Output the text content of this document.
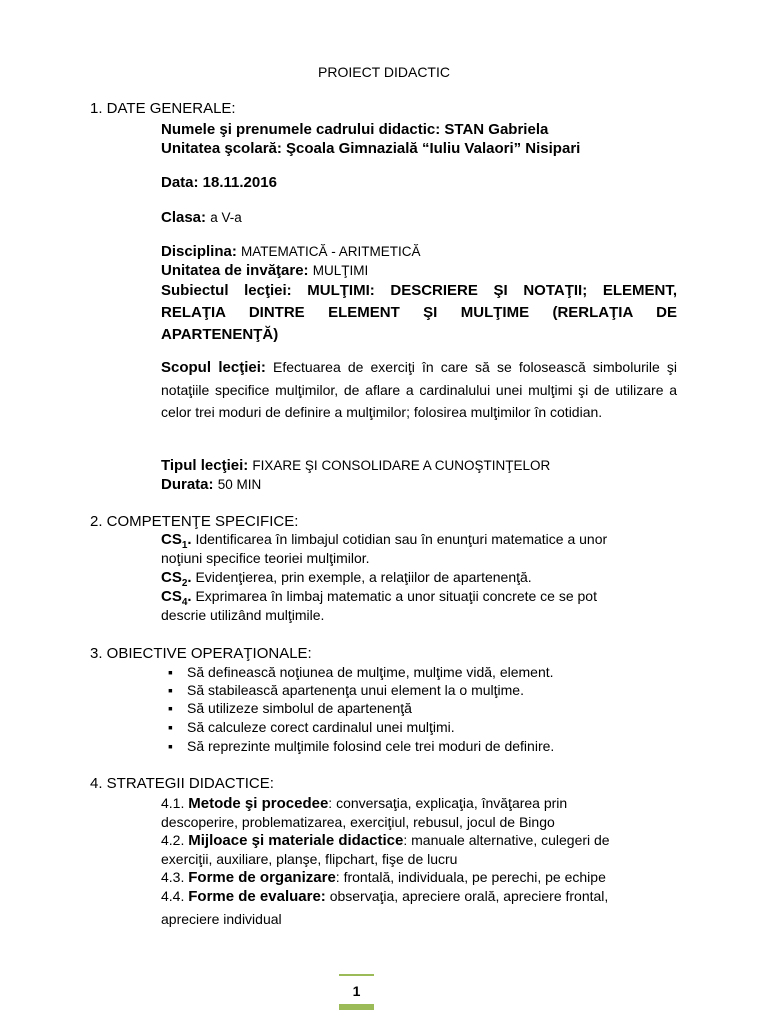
PROIECT DIDACTIC
1. DATE GENERALE:
Numele şi prenumele cadrului didactic: STAN Gabriela
Unitatea şcolară: Şcoala Gimnazială “Iuliu Valaori” Nisipari
Data: 18.11.2016
Clasa: a V-a
Disciplina: MATEMATICĂ - ARITMETICĂ
Unitatea de invăţare: MULŢIMI
Subiectul lecţiei: MULŢIMI: DESCRIERE ŞI NOTAŢII; ELEMENT,
RELAŢIA DINTRE ELEMENT ŞI MULŢIME (RERLAŢIA DE
APARTENENŢĂ)
Scopul lecţiei: Efectuarea de exerciţi în care să se folosească simbolurile şi notaţiile specifice mulţimilor, de aflare a cardinalului unei mulţimi şi de utilizare a celor trei moduri de definire a mulţimilor; folosirea mulţimilor în cotidian.
Tipul lecţiei: FIXARE ŞI CONSOLIDARE A CUNOŞTINŢELOR
Durata: 50 MIN
2. COMPETENŢE SPECIFICE:
$CS_1$. Identificarea în limbajul cotidian sau în enunţuri matematice a unor
noţiuni specifice teoriei mulţimilor.
$CS_2$. Evidenţierea, prin exemple, a relaţiilor de apartenenţă.
$CS_4$. Exprimarea în limbaj matematic a unor situaţii concrete ce se pot
descrie utilizând mulţimile.
3. OBIECTIVE OPERAŢIONALE:
▪ Să definească noţiunea de mulţime, mulţime vidă, element.
▪ Să stabilească apartenenţa unui element la o mulţime.
▪ Să utilizeze simbolul de apartenenţă
▪ Să calculeze corect cardinalul unei mulţimi.
▪ Să reprezinte mulţimile folosind cele trei moduri de definire.
4. STRATEGII DIDACTICE:
4.1. Metode şi procedee: conversaţia, explicaţia, învăţarea prin
descoperire, problematizarea, exerciţiul, rebusul, jocul de Bingo
4.2. Mijloace şi materiale didactice: manuale alternative, culegeri de
exerciţii, auxiliare, planşe, flipchart, fişe de lucru
4.3. Forme de organizare: frontală, individuala, pe perechi, pe echipe
4.4. Forme de evaluare: observaţia, apreciere orală, apreciere frontal,
apreciere individual
1
